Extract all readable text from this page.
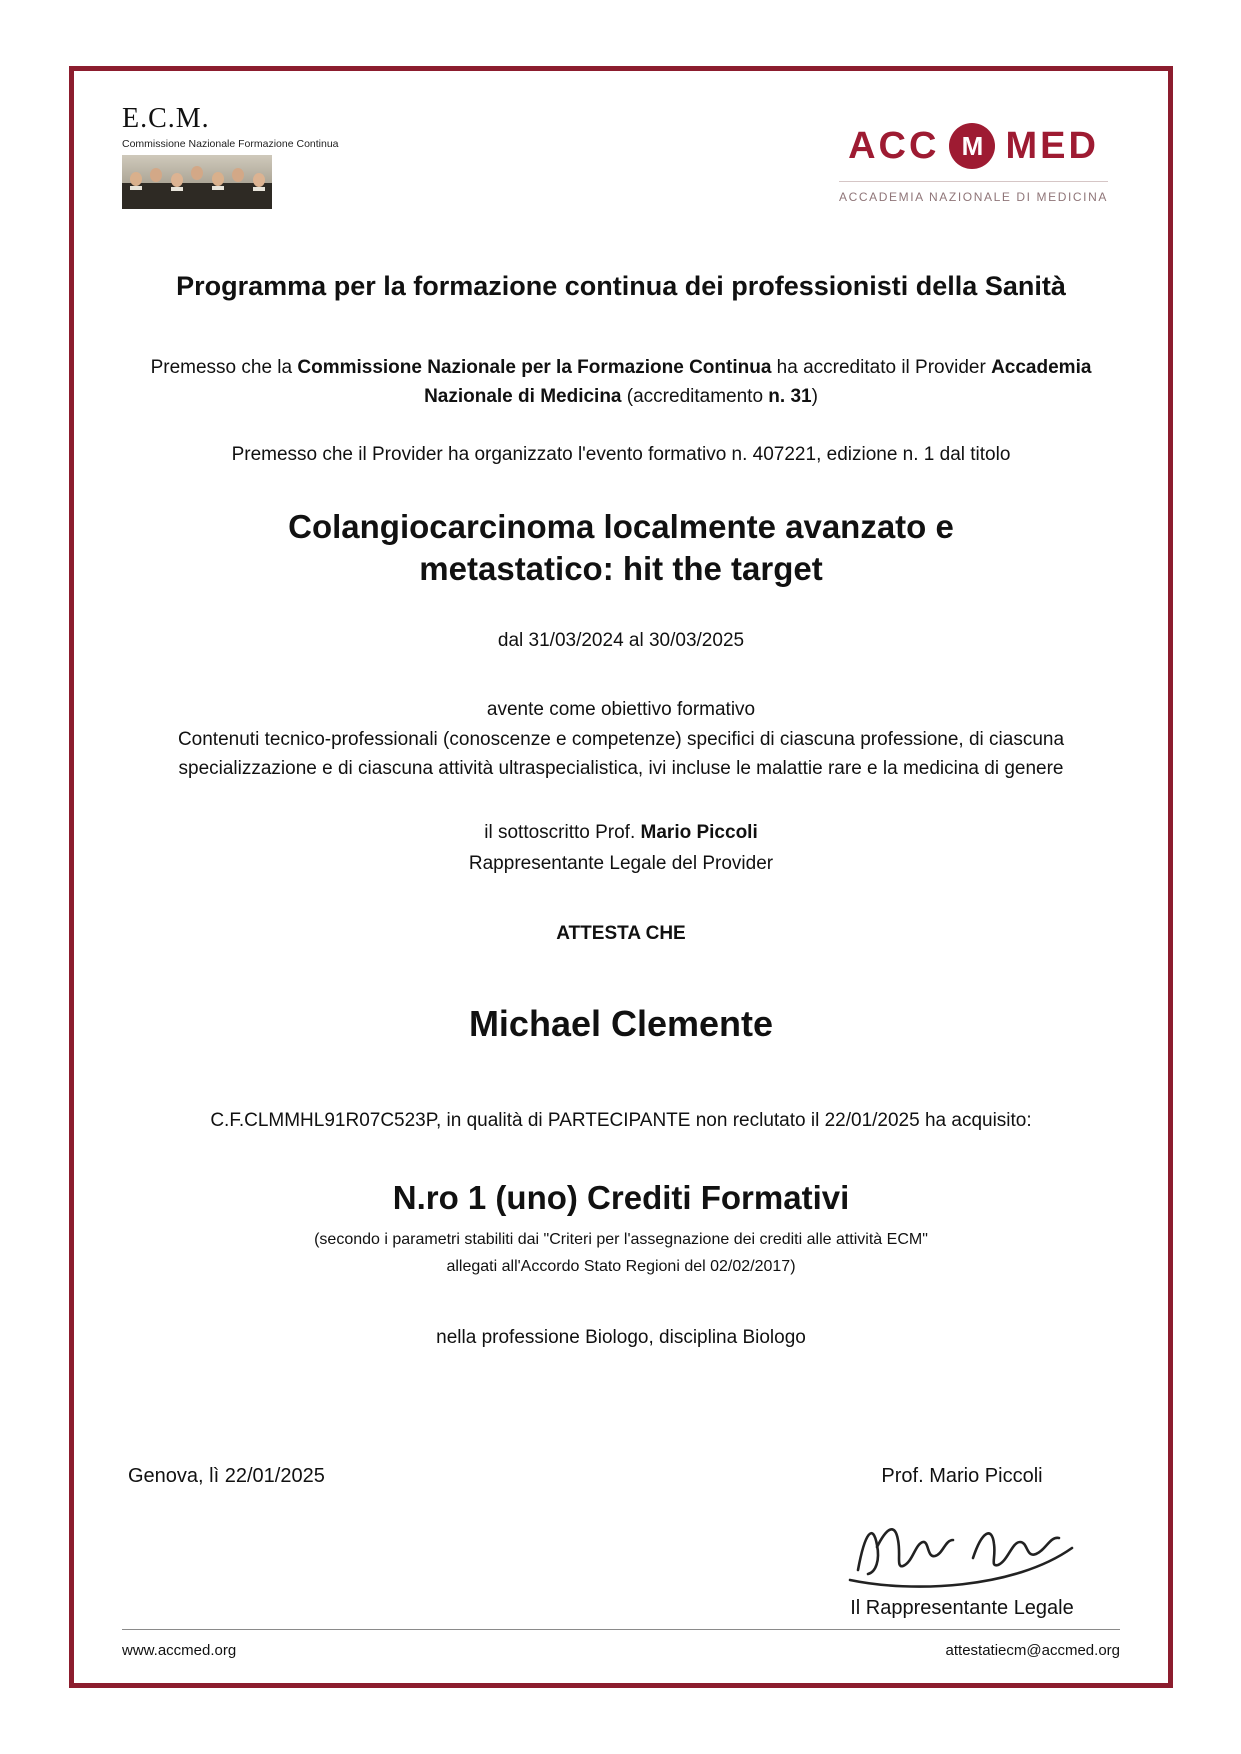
E.C.M.
Commissione Nazionale Formazione Continua	ACC M MED
ACCADEMIA NAZIONALE DI MEDICINA
Programma per la formazione continua dei professionisti della Sanità

Premesso che la Commissione Nazionale per la Formazione Continua ha accreditato il Provider Accademia Nazionale di Medicina (accreditamento n. 31)

Premesso che il Provider ha organizzato l'evento formativo n. 407221, edizione n. 1 dal titolo

Colangiocarcinoma localmente avanzato e metastatico: hit the target

dal 31/03/2024 al 30/03/2025

avente come obiettivo formativo

Contenuti tecnico-professionali (conoscenze e competenze) specifici di ciascuna professione, di ciascuna specializzazione e di ciascuna attività ultraspecialistica, ivi incluse le malattie rare e la medicina di genere

il sottoscritto Prof. Mario Piccoli

Rappresentante Legale del Provider

ATTESTA CHE

Michael Clemente

C.F.CLMMHL91R07C523P, in qualità di PARTECIPANTE non reclutato il 22/01/2025 ha acquisito:

N.ro 1 (uno) Crediti Formativi

(secondo i parametri stabiliti dai "Criteri per l'assegnazione dei crediti alle attività ECM"
allegati all'Accordo Stato Regioni del 02/02/2017)

nella professione Biologo, disciplina Biologo

Genova, lì 22/01/2025	Prof. Mario Piccoli
Il Rappresentante Legale
www.accmed.org	attestatiecm@accmed.org
